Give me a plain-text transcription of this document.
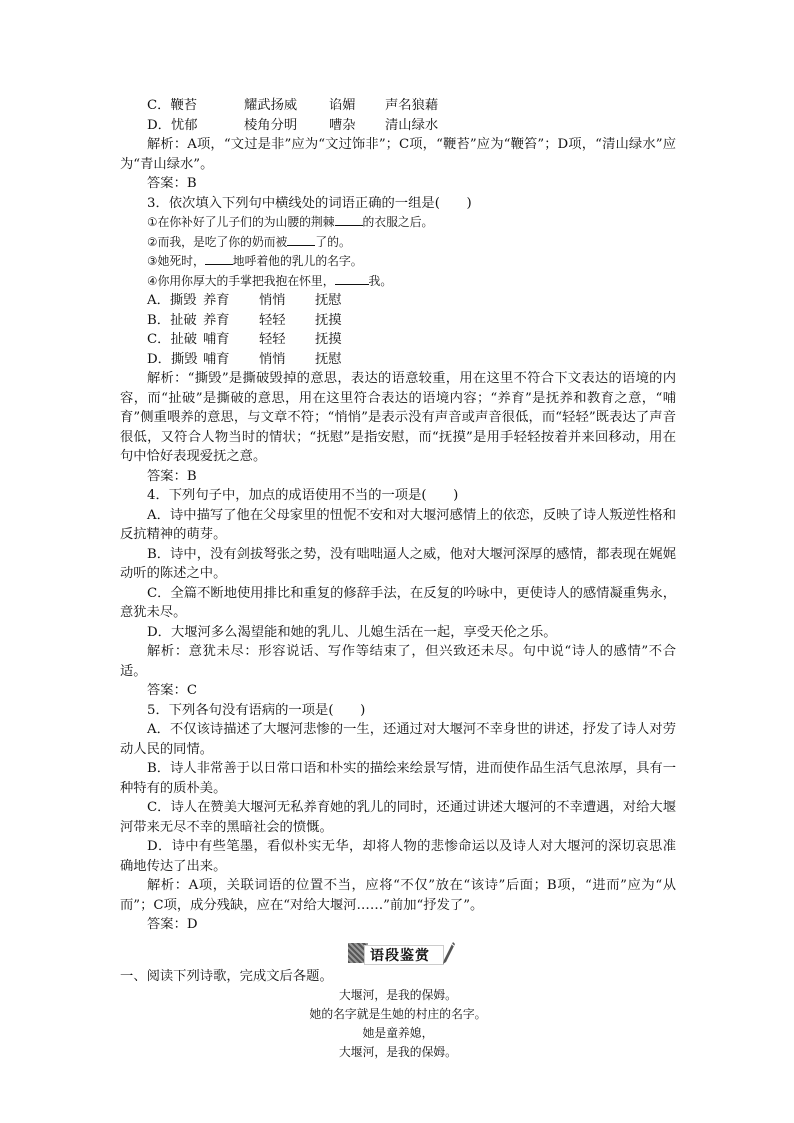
C．鞭苔	耀武扬威 谄媚 声名狼藉
D．忧郁	棱角分明 嘈杂 清山绿水
解析：A项，“文过是非”应为“文过饰非”；C项，“鞭苔”应为“鞭笞”；D项，“清山绿水”应为“青山绿水”。
答案：B
3．依次填入下列句中横线处的词语正确的一组是(　　)
①在你补好了儿子们的为山腰的荆棘 的衣服之后。
②而我，是吃了你的奶而被 了的。
③她死时， 地呼着他的乳儿的名字。
④你用你厚大的手掌把我抱在怀里，	我。
A．撕毁 养育 悄悄 抚慰
B．扯破 养育 轻轻 抚摸
C．扯破 哺育 轻轻 抚摸
D．撕毁 哺育 悄悄 抚慰
解析：“撕毁”是撕破毁掉的意思，表达的语意较重，用在这里不符合下文表达的语境的内容，而“扯破”是撕破的意思，用在这里符合表达的语境内容；“养育”是抚养和教育之意，“哺育”侧重喂养的意思，与文章不符；“悄悄”是表示没有声音或声音很低，而“轻轻”既表达了声音很低，又符合人物当时的情状；“抚慰”是指安慰，而“抚摸”是用手轻轻按着并来回移动，用在句中恰好表现爱抚之意。
答案：B
4．下列句子中，加点的成语使用不当的一项是(　　)
A．诗中描写了他在父母家里的忸怩不安和对大堰河感情上的依恋，反映了诗人叛逆性格和反抗精神的萌芽。
B．诗中，没有剑拔弩张之势，没有咄咄逼人之威，他对大堰河深厚的感情，都表现在娓娓动听的陈述之中。
C．全篇不断地使用排比和重复的修辞手法，在反复的吟咏中，更使诗人的感情凝重隽永，意犹未尽。
D．大堰河多么渴望能和她的乳儿、儿媳生活在一起，享受天伦之乐。
解析：意犹未尽：形容说话、写作等结束了，但兴致还未尽。句中说“诗人的感情”不合适。
答案：C
5．下列各句没有语病的一项是(　　)
A．不仅该诗描述了大堰河悲惨的一生，还通过对大堰河不幸身世的讲述，抒发了诗人对劳动人民的同情。
B．诗人非常善于以日常口语和朴实的描绘来绘景写情，进而使作品生活气息浓厚，具有一种特有的质朴美。
C．诗人在赞美大堰河无私养育她的乳儿的同时，还通过讲述大堰河的不幸遭遇，对给大堰河带来无尽不幸的黑暗社会的愤慨。
D．诗中有些笔墨，看似朴实无华，却将人物的悲惨命运以及诗人对大堰河的深切哀思准确地传达了出来。
解析：A项，关联词语的位置不当，应将“不仅”放在“该诗”后面；B项，“进而”应为“从而”；C项，成分残缺，应在“对给大堰河……”前加“抒发了”。
答案：D
语段鉴赏
一、阅读下列诗歌，完成文后各题。
大堰河，是我的保姆。
她的名字就是生她的村庄的名字。
她是童养媳，
大堰河，是我的保姆。
